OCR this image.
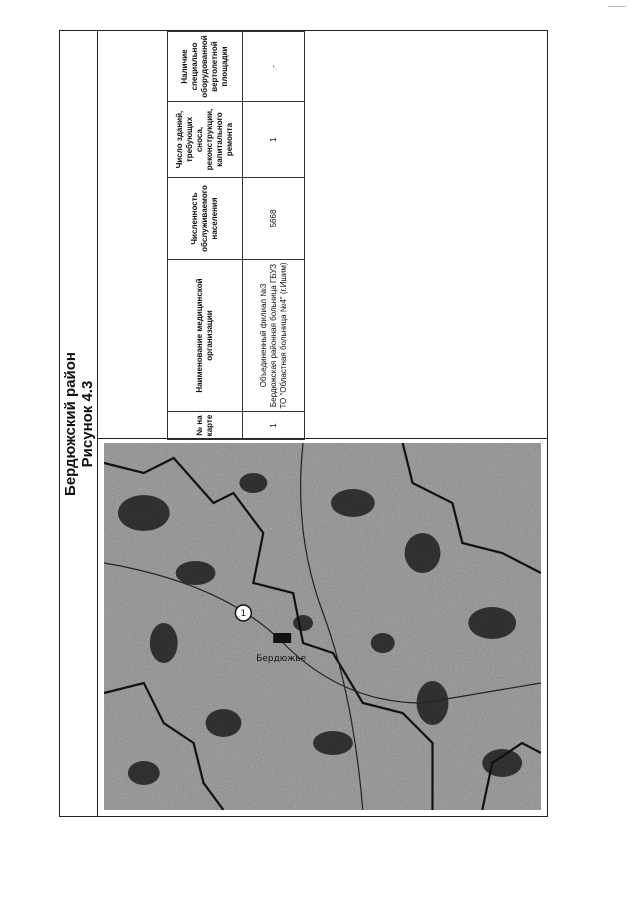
Бердюжский район Рисунок 4.3	№ на карте	Наименование медицинской организации	Численность обслуживаемого населения	Число зданий, требующих сноса, реконструкции, капитального ремонта	Наличие специально оборудованной вертолетной площадки
1	Объединенный филиал №3 Бердюжская районная больница ГБУЗ ТО "Областная больница №4" (г.Ишим)	5668	1	-
Бердюжье
1
